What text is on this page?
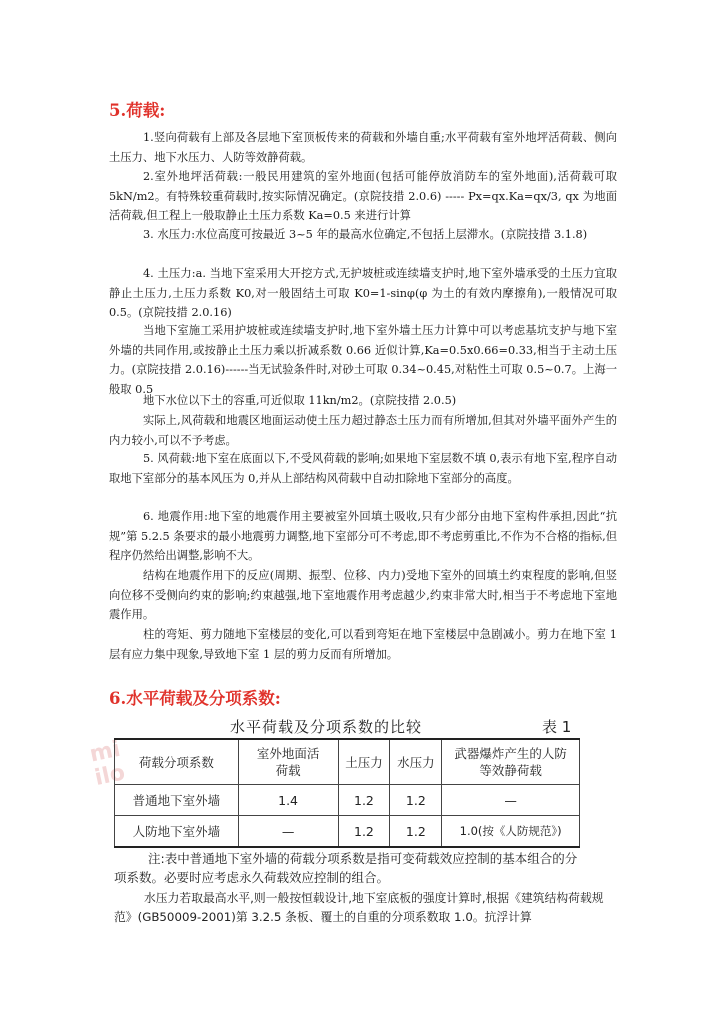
5.荷载:
1.竖向荷载有上部及各层地下室顶板传来的荷载和外墙自重;水平荷载有室外地坪活荷载、侧向土压力、地下水压力、人防等效静荷载。
2.室外地坪活荷载:一般民用建筑的室外地面(包括可能停放消防车的室外地面),活荷载可取 5kN/m2。有特殊较重荷载时,按实际情况确定。(京院技措 2.0.6) ----- Px=qx.Ka=qx/3, qx 为地面活荷载,但工程上一般取静止土压力系数 Ka=0.5 来进行计算
3. 水压力:水位高度可按最近 3~5 年的最高水位确定,不包括上层滞水。(京院技措 3.1.8)
4. 土压力:a. 当地下室采用大开挖方式,无护坡桩或连续墙支护时,地下室外墙承受的土压力宜取静止土压力,土压力系数 K0,对一般固结土可取 K0=1-sinφ(φ 为土的有效内摩擦角),一般情况可取 0.5。(京院技措 2.0.16)
当地下室施工采用护坡桩或连续墙支护时,地下室外墙土压力计算中可以考虑基坑支护与地下室外墙的共同作用,或按静止土压力乘以折减系数 0.66 近似计算,Ka=0.5x0.66=0.33,相当于主动土压力。(京院技措 2.0.16)------当无试验条件时,对砂土可取 0.34~0.45,对粘性土可取 0.5~0.7。上海一般取 0.5
地下水位以下土的容重,可近似取 11kn/m2。(京院技措 2.0.5)
实际上,风荷载和地震区地面运动使土压力超过静态土压力而有所增加,但其对外墙平面外产生的内力较小,可以不予考虑。
5. 风荷载:地下室在底面以下,不受风荷载的影响;如果地下室层数不填 0,表示有地下室,程序自动取地下室部分的基本风压为 0,并从上部结构风荷载中自动扣除地下室部分的高度。
6. 地震作用:地下室的地震作用主要被室外回填土吸收,只有少部分由地下室构件承担,因此“抗规”第 5.2.5 条要求的最小地震剪力调整,地下室部分可不考虑,即不考虑剪重比,不作为不合格的指标,但程序仍然给出调整,影响不大。
结构在地震作用下的反应(周期、振型、位移、内力)受地下室外的回填土约束程度的影响,但竖向位移不受侧向约束的影响;约束越强,地下室地震作用考虑越少,约束非常大时,相当于不考虑地下室地震作用。
柱的弯矩、剪力随地下室楼层的变化,可以看到弯矩在地下室楼层中急剧减小。剪力在地下室 1 层有应力集中现象,导致地下室 1 层的剪力反而有所增加。
6.水平荷载及分项系数:
mi
ilo
水平荷载及分项系数的比较	表 1
荷载分项系数	室外地面活荷载	土压力	水压力	武器爆炸产生的人防等效静荷载
普通地下室外墙	1.4	1.2	1.2	—
人防地下室外墙	—	1.2	1.2	1.0(按《人防规范》)
注:表中普通地下室外墙的荷载分项系数是指可变荷载效应控制的基本组合的分项系数。必要时应考虑永久荷载效应控制的组合。
水压力若取最高水平,则一般按恒载设计,地下室底板的强度计算时,根据《建筑结构荷载规范》(GB50009-2001)第 3.2.5 条板、覆土的自重的分项系数取 1.0。抗浮计算
